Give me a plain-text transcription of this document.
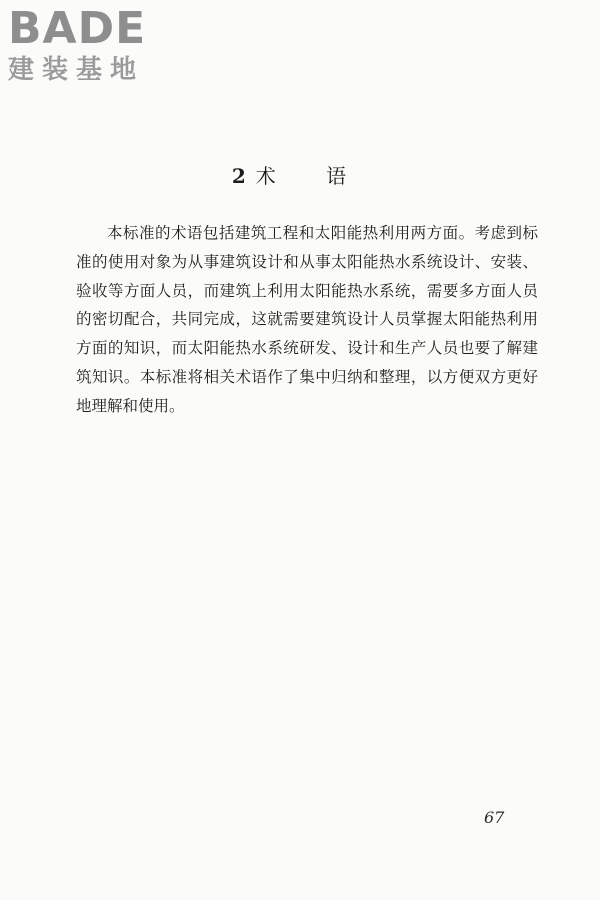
BADE
建装基地
2 术 语

本标准的术语包括建筑工程和太阳能热利用两方面。考虑到标准的使用对象为从事建筑设计和从事太阳能热水系统设计、安装、验收等方面人员，而建筑上利用太阳能热水系统，需要多方面人员的密切配合，共同完成，这就需要建筑设计人员掌握太阳能热利用方面的知识，而太阳能热水系统研发、设计和生产人员也要了解建筑知识。本标准将相关术语作了集中归纳和整理，以方便双方更好地理解和使用。

67
